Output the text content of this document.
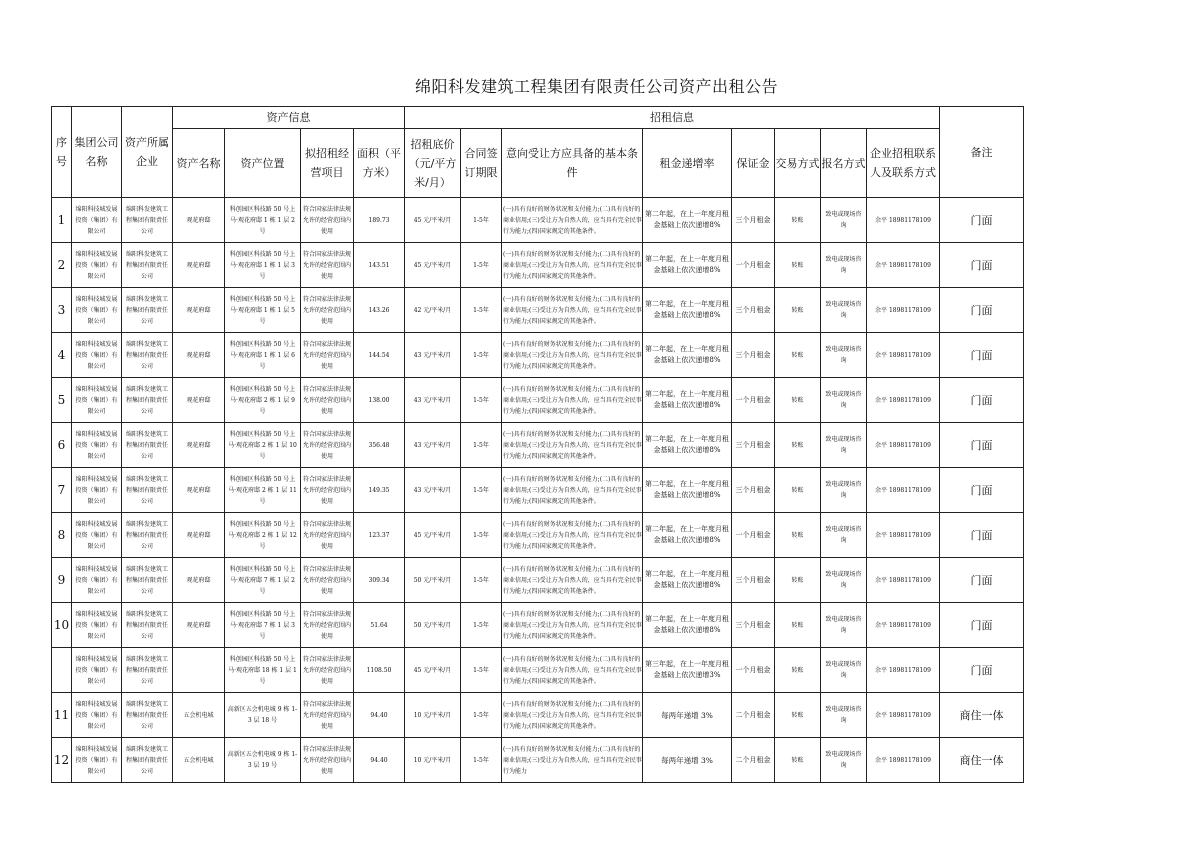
绵阳科发建筑工程集团有限责任公司资产出租公告
序号	集团公司名称	资产所属企业	资产信息				招租信息								备注
			资产名称	资产位置	拟招租经营项目	面积（平方米）	招租底价（元/平方米/月）	合同签订期限	意向受让方应具备的基本条件	租金递增率	保证金	交易方式	报名方式	企业招租联系人及联系方式	
1	绵阳科技城发展投资（集团）有限公司	绵阳科发建筑工程集团有限责任公司	观花府邸	科创园区科技路 50 号上马·观花府邸 1 栋 1 层 2 号	符合国家法律法规允许的经营范围内使用	189.73	45 元/平米/月	1-5年	(一)具有良好的财务状况和支付能力;(二)具有良好的商业信用;(三)受让方为自然人的，应当具有完全民事行为能力;(四)国家规定的其他条件。	第二年起，在上一年度月租金基础上依次递增8%	三个月租金	转账	致电或现场咨询	余平 18981178109	门面
2	绵阳科技城发展投资（集团）有限公司	绵阳科发建筑工程集团有限责任公司	观花府邸	科创园区科技路 50 号上马·观花府邸 1 栋 1 层 3 号	符合国家法律法规允许的经营范围内使用	143.51	45 元/平米/月	1-5年	(一)具有良好的财务状况和支付能力;(二)具有良好的商业信用;(三)受让方为自然人的，应当具有完全民事行为能力;(四)国家规定的其他条件。	第二年起，在上一年度月租金基础上依次递增8%	一个月租金	转账	致电或现场咨询	余平 18981178109	门面
3	绵阳科技城发展投资（集团）有限公司	绵阳科发建筑工程集团有限责任公司	观花府邸	科创园区科技路 50 号上马·观花府邸 1 栋 1 层 5 号	符合国家法律法规允许的经营范围内使用	143.26	42 元/平米/月	1-5年	(一)具有良好的财务状况和支付能力;(二)具有良好的商业信用;(三)受让方为自然人的，应当具有完全民事行为能力;(四)国家规定的其他条件。	第二年起，在上一年度月租金基础上依次递增8%	三个月租金	转账	致电或现场咨询	余平 18981178109	门面
4	绵阳科技城发展投资（集团）有限公司	绵阳科发建筑工程集团有限责任公司	观花府邸	科创园区科技路 50 号上马·观花府邸 1 栋 1 层 6 号	符合国家法律法规允许的经营范围内使用	144.54	43 元/平米/月	1-5年	(一)具有良好的财务状况和支付能力;(二)具有良好的商业信用;(三)受让方为自然人的，应当具有完全民事行为能力;(四)国家规定的其他条件。	第二年起，在上一年度月租金基础上依次递增8%	三个月租金	转账	致电或现场咨询	余平 18981178109	门面
5	绵阳科技城发展投资（集团）有限公司	绵阳科发建筑工程集团有限责任公司	观花府邸	科创园区科技路 50 号上马·观花府邸 2 栋 1 层 9 号	符合国家法律法规允许的经营范围内使用	138.00	43 元/平米/月	1-5年	(一)具有良好的财务状况和支付能力;(二)具有良好的商业信用;(三)受让方为自然人的，应当具有完全民事行为能力;(四)国家规定的其他条件。	第二年起，在上一年度月租金基础上依次递增8%	一个月租金	转账	致电或现场咨询	余平 18981178109	门面
6	绵阳科技城发展投资（集团）有限公司	绵阳科发建筑工程集团有限责任公司	观花府邸	科创园区科技路 50 号上马·观花府邸 2 栋 1 层 10 号	符合国家法律法规允许的经营范围内使用	356.48	43 元/平米/月	1-5年	(一)具有良好的财务状况和支付能力;(二)具有良好的商业信用;(三)受让方为自然人的，应当具有完全民事行为能力;(四)国家规定的其他条件。	第二年起，在上一年度月租金基础上依次递增8%	三个月租金	转账	致电或现场咨询	余平 18981178109	门面
7	绵阳科技城发展投资（集团）有限公司	绵阳科发建筑工程集团有限责任公司	观花府邸	科创园区科技路 50 号上马·观花府邸 2 栋 1 层 11 号	符合国家法律法规允许的经营范围内使用	149.35	43 元/平米/月	1-5年	(一)具有良好的财务状况和支付能力;(二)具有良好的商业信用;(三)受让方为自然人的，应当具有完全民事行为能力;(四)国家规定的其他条件。	第二年起，在上一年度月租金基础上依次递增8%	三个月租金	转账	致电或现场咨询	余平 18981178109	门面
8	绵阳科技城发展投资（集团）有限公司	绵阳科发建筑工程集团有限责任公司	观花府邸	科创园区科技路 50 号上马·观花府邸 2 栋 1 层 12 号	符合国家法律法规允许的经营范围内使用	123.37	45 元/平米/月	1-5年	(一)具有良好的财务状况和支付能力;(二)具有良好的商业信用;(三)受让方为自然人的，应当具有完全民事行为能力;(四)国家规定的其他条件。	第二年起，在上一年度月租金基础上依次递增8%	一个月租金	转账	致电或现场咨询	余平 18981178109	门面
9	绵阳科技城发展投资（集团）有限公司	绵阳科发建筑工程集团有限责任公司	观花府邸	科创园区科技路 50 号上马·观花府邸 7 栋 1 层 2 号	符合国家法律法规允许的经营范围内使用	309.34	50 元/平米/月	1-5年	(一)具有良好的财务状况和支付能力;(二)具有良好的商业信用;(三)受让方为自然人的，应当具有完全民事行为能力;(四)国家规定的其他条件。	第二年起，在上一年度月租金基础上依次递增8%	三个月租金	转账	致电或现场咨询	余平 18981178109	门面
10	绵阳科技城发展投资（集团）有限公司	绵阳科发建筑工程集团有限责任公司	观花府邸	科创园区科技路 50 号上马·观花府邸 7 栋 1 层 3 号	符合国家法律法规允许的经营范围内使用	51.64	50 元/平米/月	1-5年	(一)具有良好的财务状况和支付能力;(二)具有良好的商业信用;(三)受让方为自然人的，应当具有完全民事行为能力;(四)国家规定的其他条件。	第二年起，在上一年度月租金基础上依次递增8%	三个月租金	转账	致电或现场咨询	余平 18981178109	门面
	绵阳科技城发展投资（集团）有限公司	绵阳科发建筑工程集团有限责任公司		科创园区科技路 50 号上马·观花府邸 18 栋 1 层 1 号	符合国家法律法规允许的经营范围内使用	1108.50	45 元/平米/月	1-5年	(一)具有良好的财务状况和支付能力;(二)具有良好的商业信用;(三)受让方为自然人的，应当具有完全民事行为能力;(四)国家规定的其他条件。	第三年起，在上一年度月租金基础上依次递增3%	一个月租金	转账	致电或现场咨询	余平 18981178109	门面
11	绵阳科技城发展投资（集团）有限公司	绵阳科发建筑工程集团有限责任公司	五会机电城	高新区五会机电城 9 栋 1-3 层 18 号	符合国家法律法规允许的经营范围内使用	94.40	10 元/平米/月	1-5年	(一)具有良好的财务状况和支付能力;(二)具有良好的商业信用;(三)受让方为自然人的，应当具有完全民事行为能力;(四)国家规定的其他条件。	每两年递增 3%	二个月租金	转账	致电或现场咨询	余平 18981178109	商住一体
12	绵阳科技城发展投资（集团）有限公司	绵阳科发建筑工程集团有限责任公司	五会机电城	高新区五会机电城 9 栋 1-3 层 19 号	符合国家法律法规允许的经营范围内使用	94.40	10 元/平米/月	1-5年	(一)具有良好的财务状况和支付能力;(二)具有良好的商业信用;(三)受让方为自然人的，应当具有完全民事行为能力	每两年递增 3%	二个月租金	转账	致电或现场咨询	余平 18981178109	商住一体
